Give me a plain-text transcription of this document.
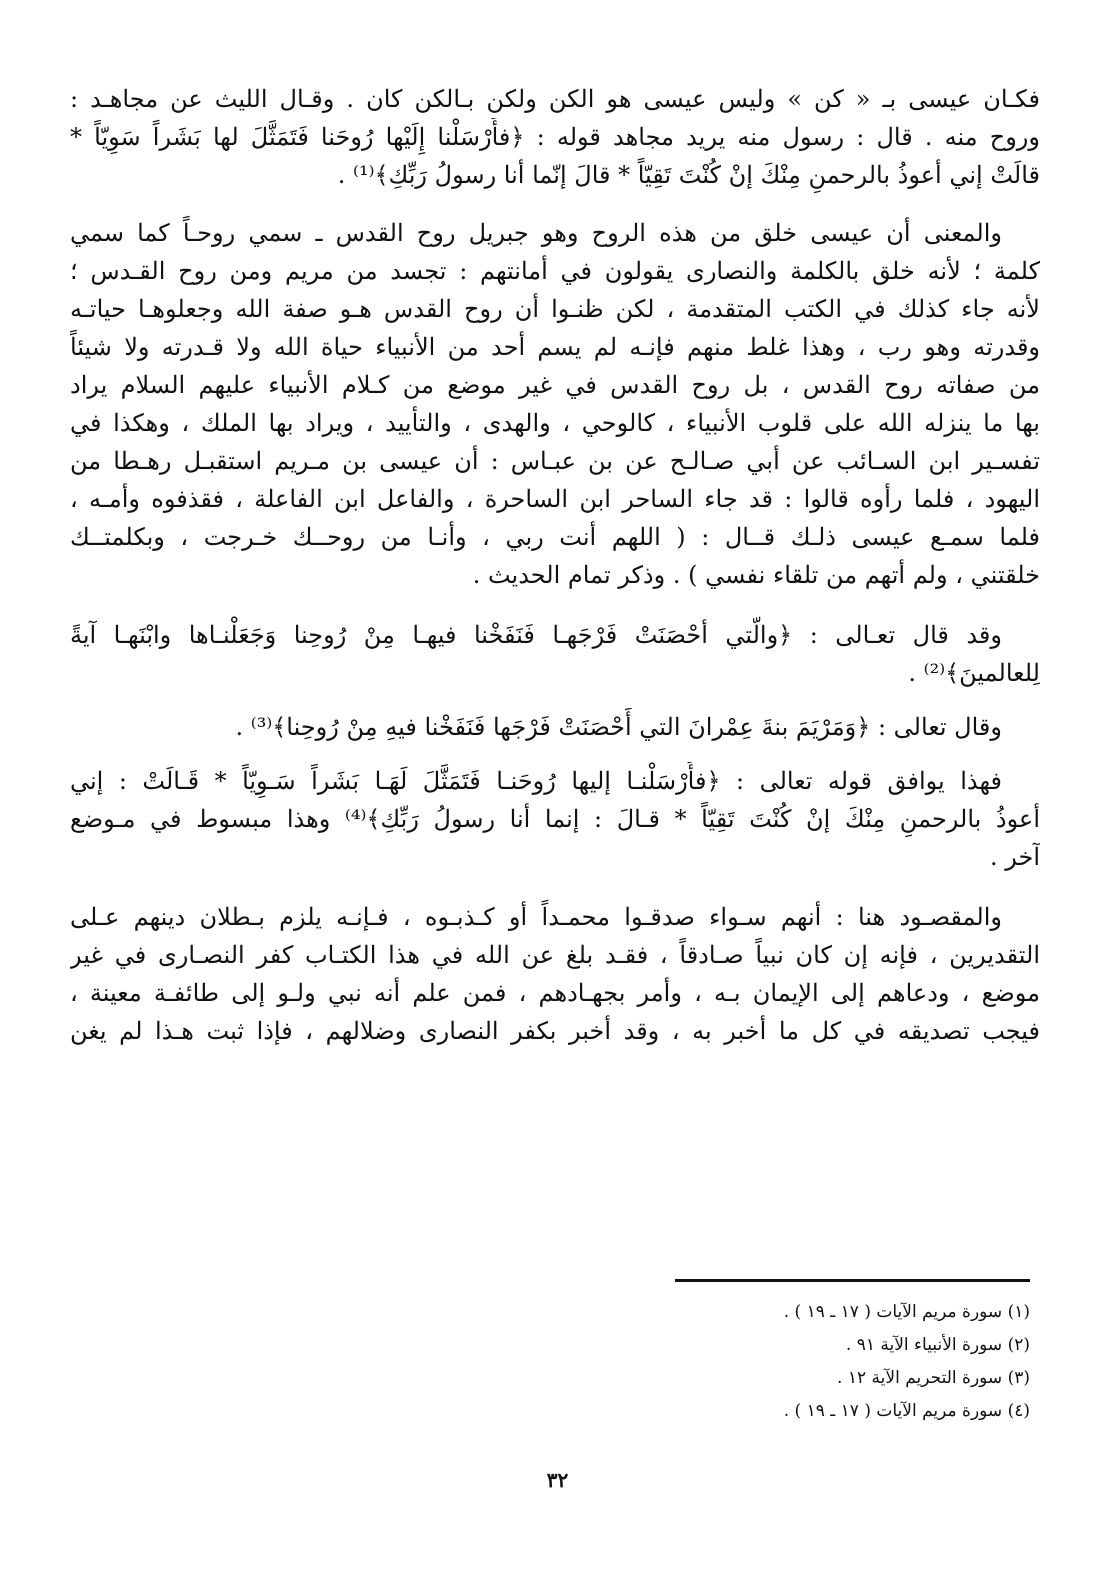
فكـان عيسى بـ « كن » وليس عيسى هو الكن ولكن بـالكن كان . وقـال الليث عن مجاهـد :
وروح منه . قال : رسول منه يريد مجاهد قوله : ﴿فأَرْسَلْنا إِلَيْها رُوحَنا فَتَمَثَّلَ لها بَشَراً سَوِيّاً *
قالَتْ إني أعوذُ بالرحمنِ مِنْكَ إنْ كُنْتَ تَقِيّاً * قالَ إنّما أنا رسولُ رَبِّكِ﴾⁽¹⁾ .
والمعنى أن عيسى خلق من هذه الروح وهو جبريل روح القدس ـ سمي روحـاً كما سمي
كلمة ؛ لأنه خلق بالكلمة والنصارى يقولون في أمانتهم : تجسد من مريم ومن روح القـدس ؛
لأنه جاء كذلك في الكتب المتقدمة ، لكن ظنـوا أن روح القدس هـو صفة الله وجعلوهـا حياتـه
وقدرته وهو رب ، وهذا غلط منهم فإنـه لم يسم أحد من الأنبياء حياة الله ولا قـدرته ولا شيئاً
من صفاته روح القدس ، بل روح القدس في غير موضع من كـلام الأنبياء عليهم السلام يراد
بها ما ينزله الله على قلوب الأنبياء ، كالوحي ، والهدى ، والتأييد ، ويراد بها الملك ، وهكذا في
تفسـير ابن السـائب عن أبي صـالـح عن بن عبـاس : أن عيسى بن مـريم استقبـل رهـطا من
اليهود ، فلما رأوه قالوا : قد جاء الساحر ابن الساحرة ، والفاعل ابن الفاعلة ، فقذفوه وأمـه ،
فلما سمـع عيسى ذلـك قــال : ( اللهم أنت ربي ، وأنـا من روحــك خـرجت ، وبكلمتــك
خلقتني ، ولم أتهم من تلقاء نفسي ) . وذكر تمام الحديث .
وقد قال تعـالى : ﴿والّتي أحْصَنَتْ فَرْجَهـا فَنَفَخْنا فيهـا مِنْ رُوحِنا وَجَعَلْنـاها وابْنَهـا آيةً
لِلعالمينَ﴾⁽²⁾ .
وقال تعالى : ﴿وَمَرْيَمَ بنةَ عِمْرانَ التي أَحْصَنَتْ فَرْجَها فَنَفَخْنا فيهِ مِنْ رُوحِنا﴾⁽³⁾ .
فهذا يوافق قوله تعالى : ﴿فأَرْسَلْنـا إليها رُوحَنـا فَتَمَثَّلَ لَهَـا بَشَراً سَـوِيّاً * قَـالَتْ : إني
أعوذُ بالرحمنِ مِنْكَ إنْ كُنْتَ تَقِيّاً * قـالَ : إنما أنا رسولُ رَبِّكِ﴾⁽⁴⁾ وهذا مبسوط في مـوضع
آخر .
والمقصـود هنا : أنهم سـواء صدقـوا محمـداً أو كـذبـوه ، فـإنـه يلزم بـطلان دينهم عـلى
التقديرين ، فإنه إن كان نبياً صـادقاً ، فقـد بلغ عن الله في هذا الكتـاب كفر النصـارى في غير
موضع ، ودعاهم إلى الإيمان بـه ، وأمر بجهـادهم ، فمن علم أنه نبي ولـو إلى طائفـة معينة ،
فيجب تصديقه في كل ما أخبر به ، وقد أخبر بكفر النصارى وضلالهم ، فإذا ثبت هـذا لم يغن
(١) سورة مريم الآيات ( ١٧ ـ ١٩ ) .
(٢) سورة الأنبياء الآية ٩١ .
(٣) سورة التحريم الآية ١٢ .
(٤) سورة مريم الآيات ( ١٧ ـ ١٩ ) .
٣٢
